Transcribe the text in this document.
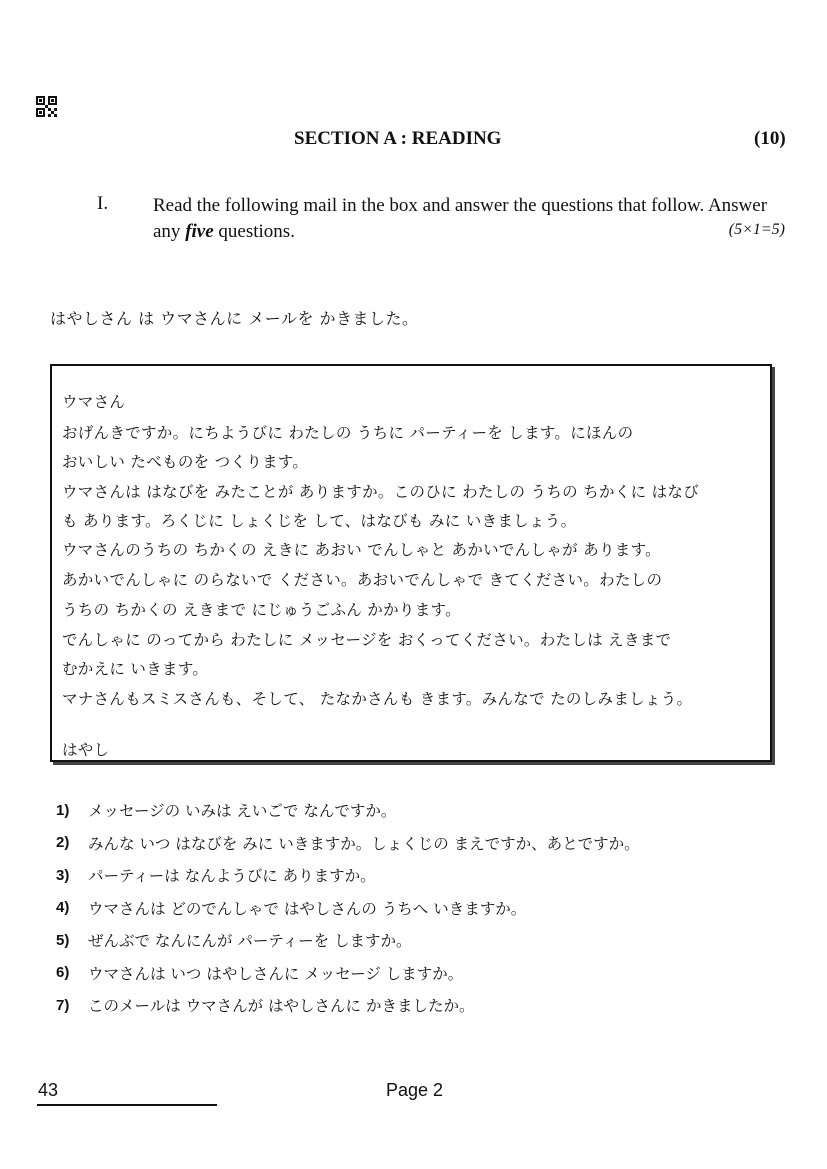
SECTION A : READING	(10)
I. Read the following mail in the box and answer the questions that follow. Answer any five questions.	(5×1=5)
はやしさん は ウマさんに メールを かきました。
ウマさん
おげんきですか。にちようびに わたしの うちに パーティーを します。にほんの
おいしい たべものを つくります。
ウマさんは はなびを みたことが ありますか。このひに わたしの うちの ちかくに はなび
も あります。ろくじに しょくじを して、はなびも みに いきましょう。
ウマさんのうちの ちかくの えきに あおい でんしゃと あかいでんしゃが あります。
あかいでんしゃに のらないで ください。あおいでんしゃで きてください。わたしの
うちの ちかくの えきまで にじゅうごふん かかります。
でんしゃに のってから わたしに メッセージを おくってください。わたしは えきまで
むかえに いきます。
マナさんもスミスさんも、そして、 たなかさんも きます。みんなで たのしみましょう。
はやし
1)	メッセージの いみは えいごで なんですか。
2)	みんな いつ はなびを みに いきますか。しょくじの まえですか、あとですか。
3)	パーティーは なんようびに ありますか。
4)	ウマさんは どのでんしゃで はやしさんの うちへ いきますか。
5)	ぜんぶで なんにんが パーティーを しますか。
6)	ウマさんは いつ はやしさんに メッセージ しますか。
7)	このメールは ウマさんが はやしさんに かきましたか。
43	Page 2
